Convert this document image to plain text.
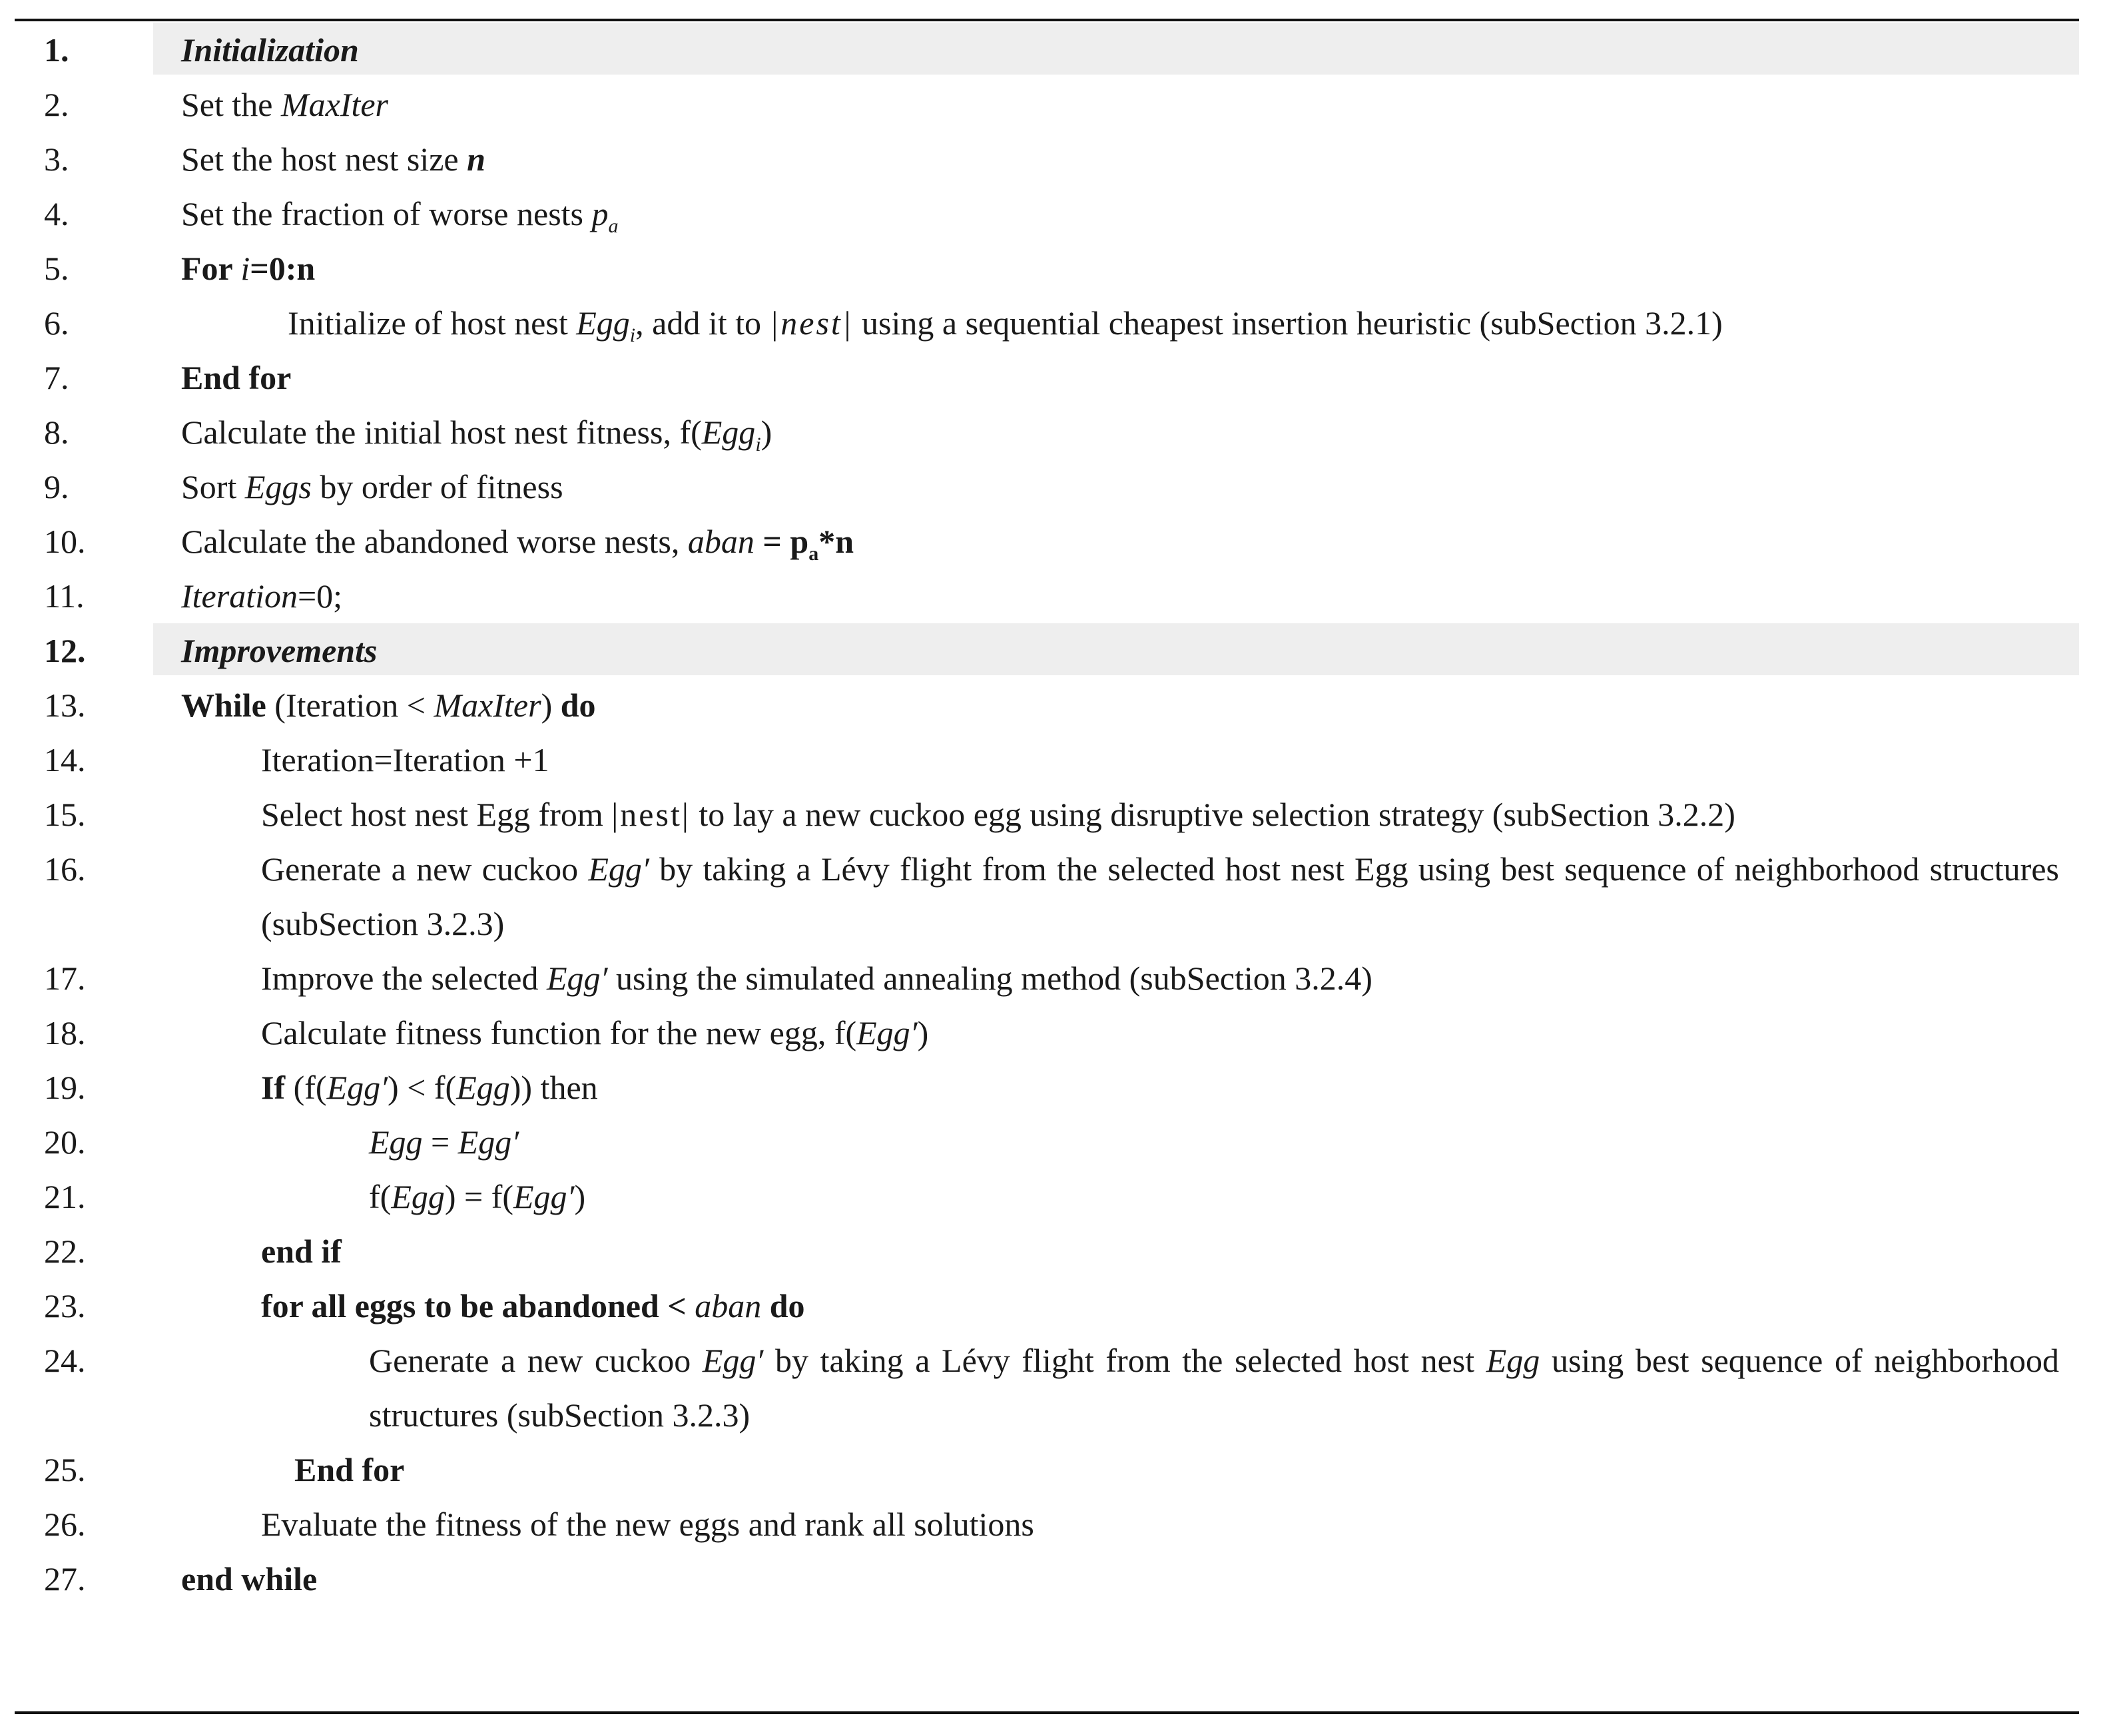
1.	Initialization
2.	Set the MaxIter
3.	Set the host nest size n
4.	Set the fraction of worse nests $p_a$
5.	For i=0:n
6.	Initialize of host nest Egg$_i$, add it to |nest| using a sequential cheapest insertion heuristic (subSection 3.2.1)
7.	End for
8.	Calculate the initial host nest fitness, f(Egg$_i$)
9.	Sort Eggs by order of fitness
10.	Calculate the abandoned worse nests, aban = $p_a*n$
11.	Iteration=0;
12.	Improvements
13.	While (Iteration < MaxIter) do
14.	Iteration=Iteration +1
15.	Select host nest Egg from |nest| to lay a new cuckoo egg using disruptive selection strategy (subSection 3.2.2)
16.	Generate a new cuckoo Egg′ by taking a Lévy flight from the selected host nest Egg using best sequence of neighborhood structures (subSection 3.2.3)
17.	Improve the selected Egg′ using the simulated annealing method (subSection 3.2.4)
18.	Calculate fitness function for the new egg, f(Egg′)
19.	If (f(Egg′) < f(Egg)) then
20.	Egg = Egg′
21.	f(Egg) = f(Egg′)
22.	end if
23.	for all eggs to be abandoned < aban do
24.	Generate a new cuckoo Egg′ by taking a Lévy flight from the selected host nest Egg using best sequence of neighborhood structures (subSection 3.2.3)
25.	End for
26.	Evaluate the fitness of the new eggs and rank all solutions
27.	end while
